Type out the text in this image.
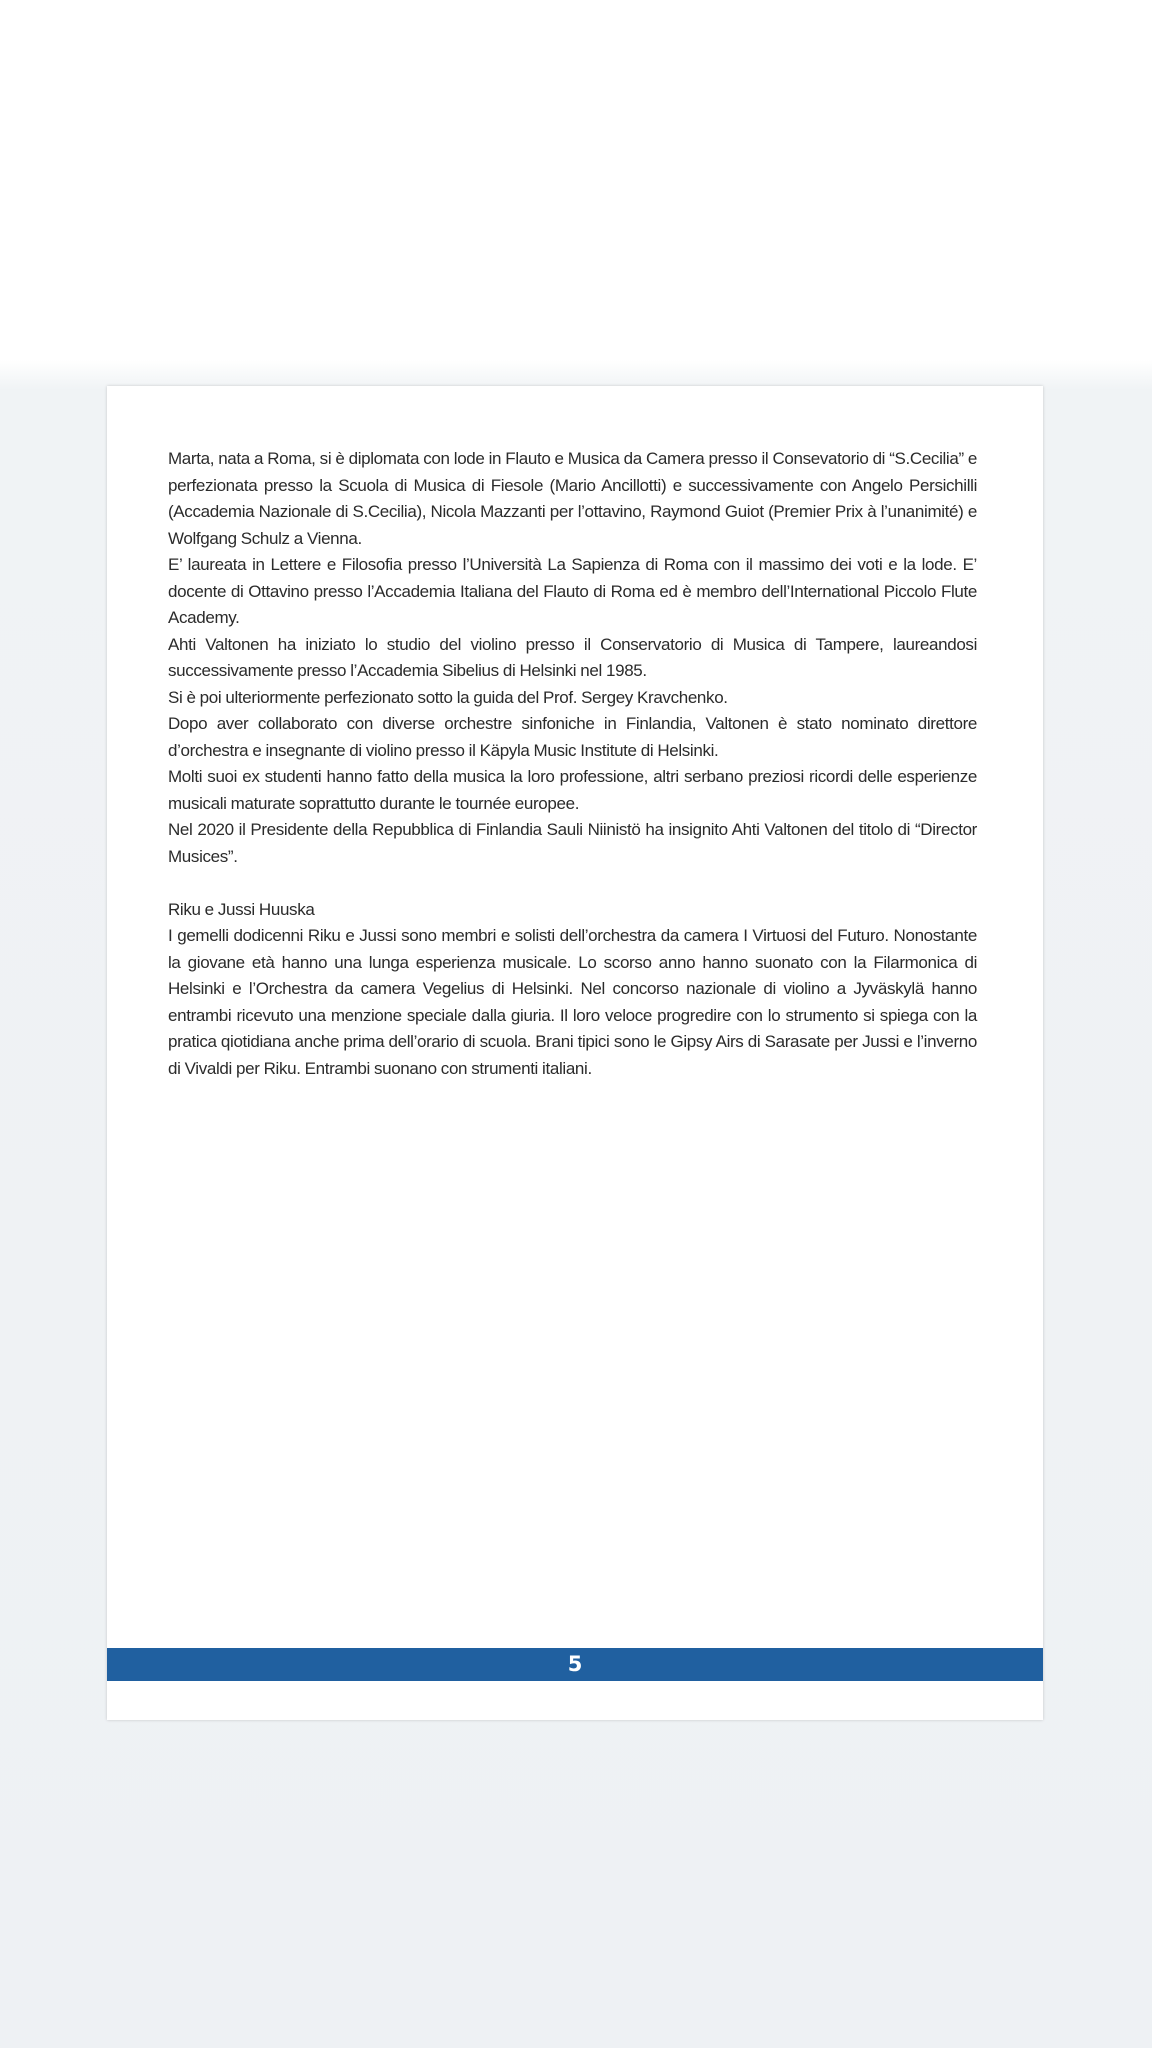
Marta, nata a Roma, si è diplomata con lode in Flauto e Musica da Camera presso il Consevatorio di “S.Cecilia” e perfezionata presso la Scuola di Musica di Fiesole (Mario Ancillotti) e successivamente con Angelo Persichilli (Accademia Nazionale di S.Cecilia), Nicola Mazzanti per l’ottavino, Raymond Guiot (Premier Prix à l’unanimité) e Wolfgang Schulz a Vienna.

E’ laureata in Lettere e Filosofia presso l’Università La Sapienza di Roma con il massimo dei voti e la lode. E’ docente di Ottavino presso l’Accademia Italiana del Flauto di Roma ed è membro dell’International Piccolo Flute Academy.

Ahti Valtonen ha iniziato lo studio del violino presso il Conservatorio di Musica di Tampere, laureandosi successivamente presso l’Accademia Sibelius di Helsinki nel 1985.

Si è poi ulteriormente perfezionato sotto la guida del Prof. Sergey Kravchenko.

Dopo aver collaborato con diverse orchestre sinfoniche in Finlandia, Valtonen è stato nominato direttore d’orchestra e insegnante di violino presso il Käpyla Music Institute di Helsinki.

Molti suoi ex studenti hanno fatto della musica la loro professione, altri serbano preziosi ricordi delle esperienze musicali maturate soprattutto durante le tournée europee.

Nel 2020 il Presidente della Repubblica di Finlandia Sauli Niinistö ha insignito Ahti Valtonen del titolo di “Director Musices”.

Riku e Jussi Huuska

I gemelli dodicenni Riku e Jussi sono membri e solisti dell’orchestra da camera I Virtuosi del Futuro. Nonostante la giovane età hanno una lunga esperienza musicale. Lo scorso anno hanno suonato con la Filarmonica di Helsinki e l’Orchestra da camera Vegelius di Helsinki. Nel concorso nazionale di violino a Jyväskylä hanno entrambi ricevuto una menzione speciale dalla giuria. Il loro veloce progredire con lo strumento si spiega con la pratica qiotidiana anche prima dell’orario di scuola. Brani tipici sono le Gipsy Airs di Sarasate per Jussi e l’inverno di Vivaldi per Riku. Entrambi suonano con strumenti italiani.

5
